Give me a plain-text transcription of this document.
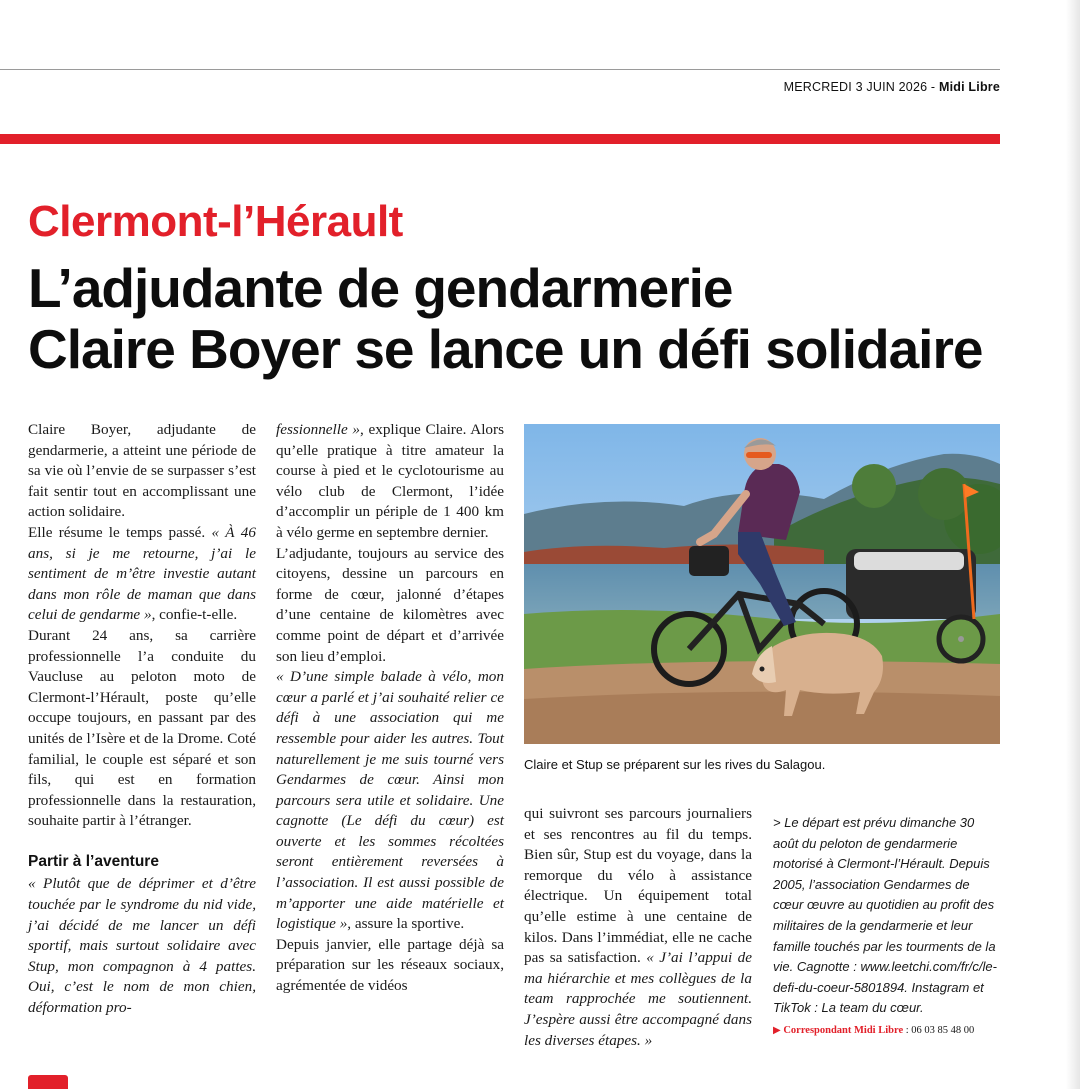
MERCREDI 3 JUIN 2026 - Midi Libre
Clermont-l’Hérault
L’adjudante de gendarmerie
Claire Boyer se lance un défi solidaire

Claire Boyer, adjudante de gendarmerie, a atteint une période de sa vie où l’envie de se surpasser s’est fait sentir tout en accomplissant une action solidaire.

Elle résume le temps passé. « À 46 ans, si je me retourne, j’ai le sentiment de m’être investie autant dans mon rôle de maman que dans celui de gendarme », confie-t-elle.

Durant 24 ans, sa carrière professionnelle l’a conduite du Vaucluse au peloton moto de Clermont-l’Hérault, poste qu’elle occupe toujours, en passant par des unités de l’Isère et de la Drome. Coté familial, le couple est séparé et son fils, qui est en formation professionnelle dans la restauration, souhaite partir à l’étranger.

Partir à l’aventure

« Plutôt que de déprimer et d’être touchée par le syndrome du nid vide, j’ai décidé de me lancer un défi sportif, mais surtout solidaire avec Stup, mon compagnon à 4 pattes. Oui, c’est le nom de mon chien, déformation pro-

fessionnelle », explique Claire. Alors qu’elle pratique à titre amateur la course à pied et le cyclotourisme au vélo club de Clermont, l’idée d’accomplir un périple de 1 400 km à vélo germe en septembre dernier.

L’adjudante, toujours au service des citoyens, dessine un parcours en forme de cœur, jalonné d’étapes d’une centaine de kilomètres avec comme point de départ et d’arrivée son lieu d’emploi.

« D’une simple balade à vélo, mon cœur a parlé et j’ai souhaité relier ce défi à une association qui me ressemble pour aider les autres. Tout naturellement je me suis tourné vers Gendarmes de cœur. Ainsi mon parcours sera utile et solidaire. Une cagnotte (Le défi du cœur) est ouverte et les sommes récoltées seront entièrement reversées à l’association. Il est aussi possible de m’apporter une aide matérielle et logistique », assure la sportive.

Depuis janvier, elle partage déjà sa préparation sur les réseaux sociaux, agrémentée de vidéos

Claire et Stup se préparent sur les rives du Salagou.

qui suivront ses parcours journaliers et ses rencontres au fil du temps. Bien sûr, Stup est du voyage, dans la remorque du vélo à assistance électrique. Un équipement total qu’elle estime à une centaine de kilos. Dans l’immédiat, elle ne cache pas sa satisfaction. « J’ai l’appui de ma hiérarchie et mes collègues de la team rapprochée me soutiennent. J’espère aussi être accompagné dans les diverses étapes. »

> Le départ est prévu dimanche 30 août du peloton de gendarmerie motorisé à Clermont-l’Hérault. Depuis 2005, l’association Gendarmes de cœur œuvre au quotidien au profit des militaires de la gendarmerie et leur famille touchés par les tourments de la vie. Cagnotte : www.leetchi.com/fr/c/le-defi-du-coeur-5801894. Instagram et TikTok : La team du cœur.

▶ Correspondant Midi Libre : 06 03 85 48 00
